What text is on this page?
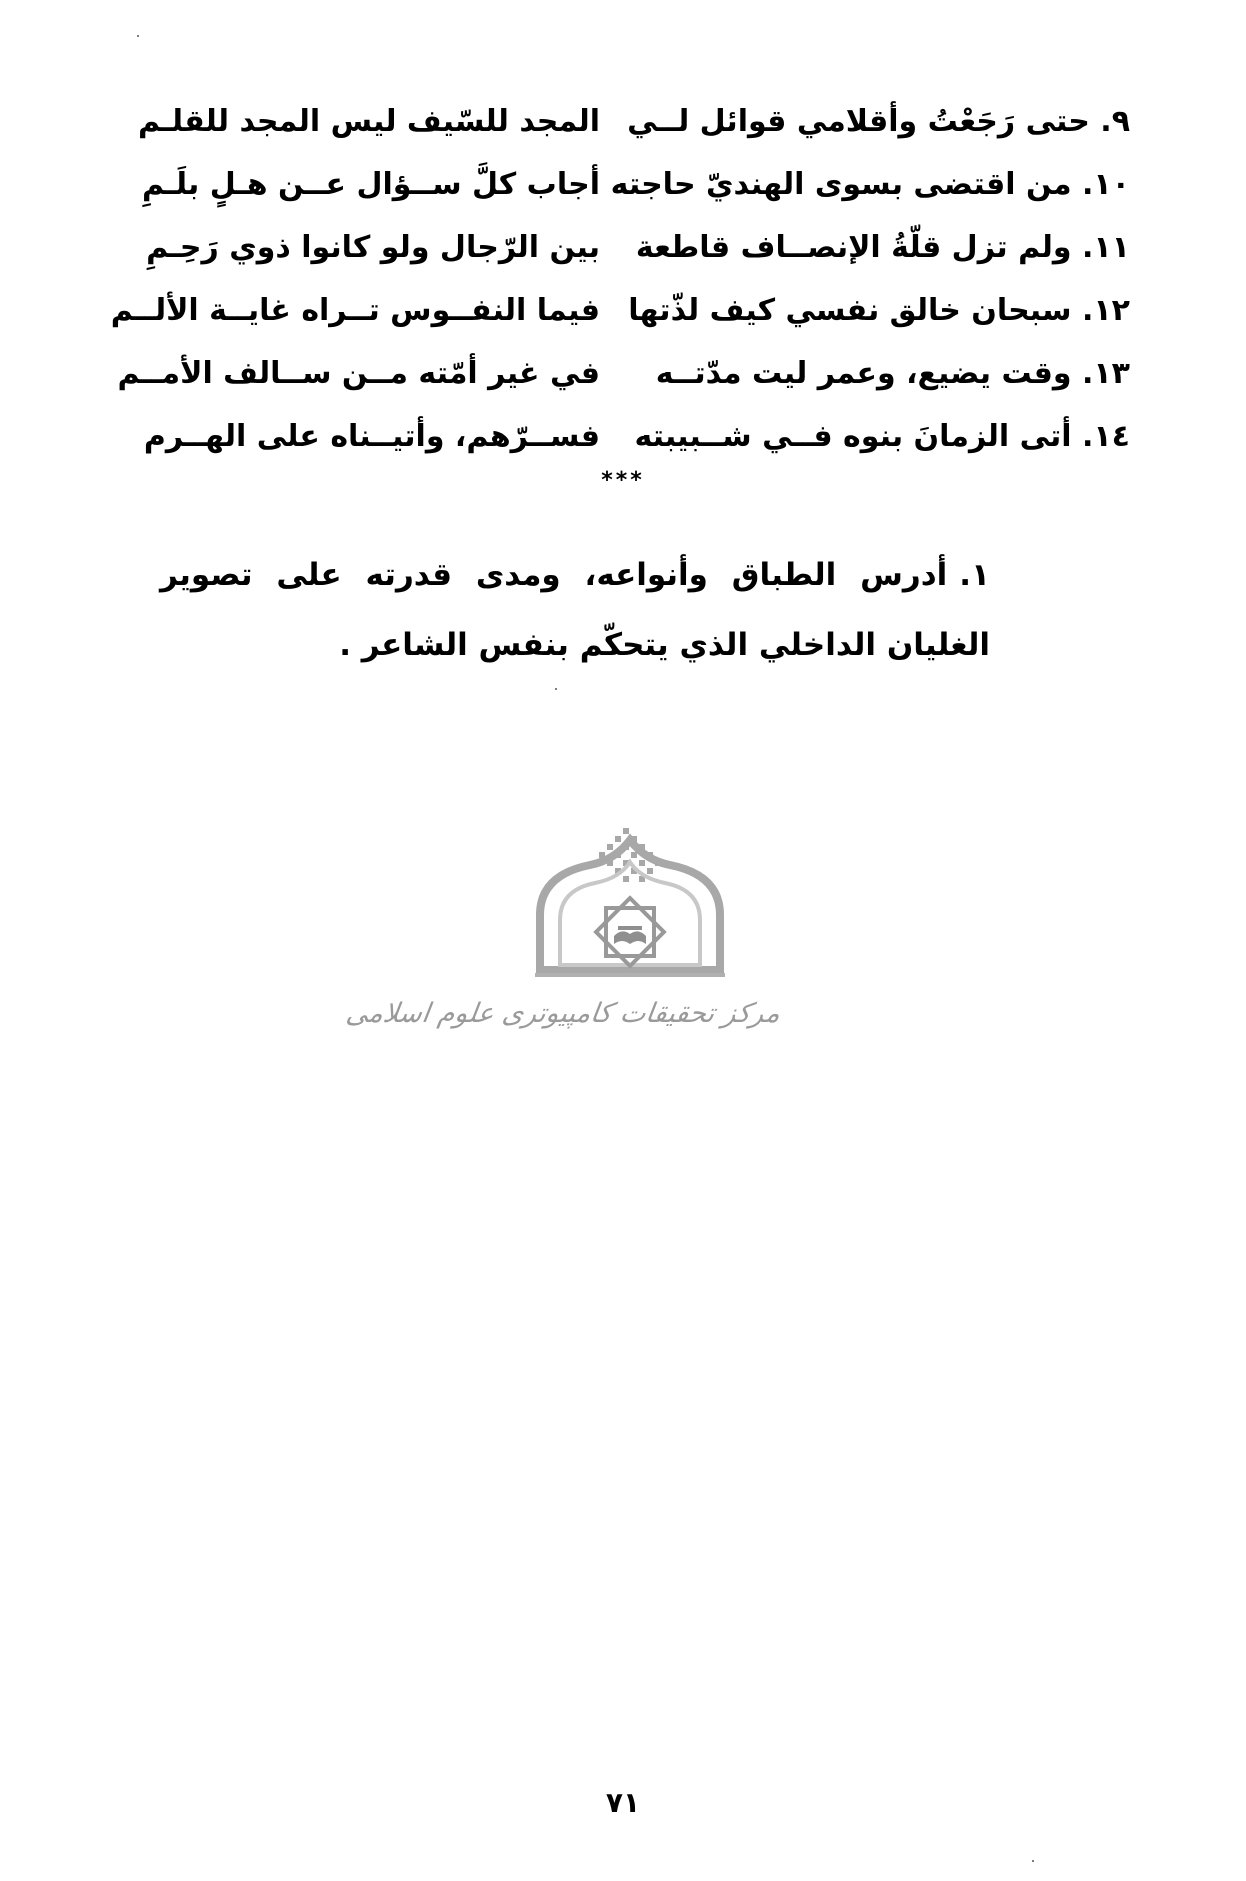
٩. حتى رَجَعْتُ وأقلامي قوائل لــي
المجد للسّيف ليس المجد للقلـم
١٠. من اقتضى بسوى الهنديّ حاجته
أجاب كلَّ ســؤال عــن هـلٍ بلَـمِ
١١. ولم تزل قلّةُ الإنصــاف قاطعة
بين الرّجال ولو كانوا ذوي رَحِـمِ
١٢. سبحان خالق نفسي كيف لذّتها
فيما النفــوس تــراه غايــة الألــم
١٣. وقت يضيع، وعمر ليت مدّتــه
في غير أمّته مــن ســالف الأمــم
١٤. أتى الزمانَ بنوه فــي شــبيبته
فســرّهم، وأتيــناه على الهــرم
***
١.أدرس الطباق وأنواعه، ومدى قدرته على تصوير الغليان الداخلي الذي يتحكّم بنفس الشاعر .
مرکز تحقیقات کامپیوتری علوم اسلامی
٧١
